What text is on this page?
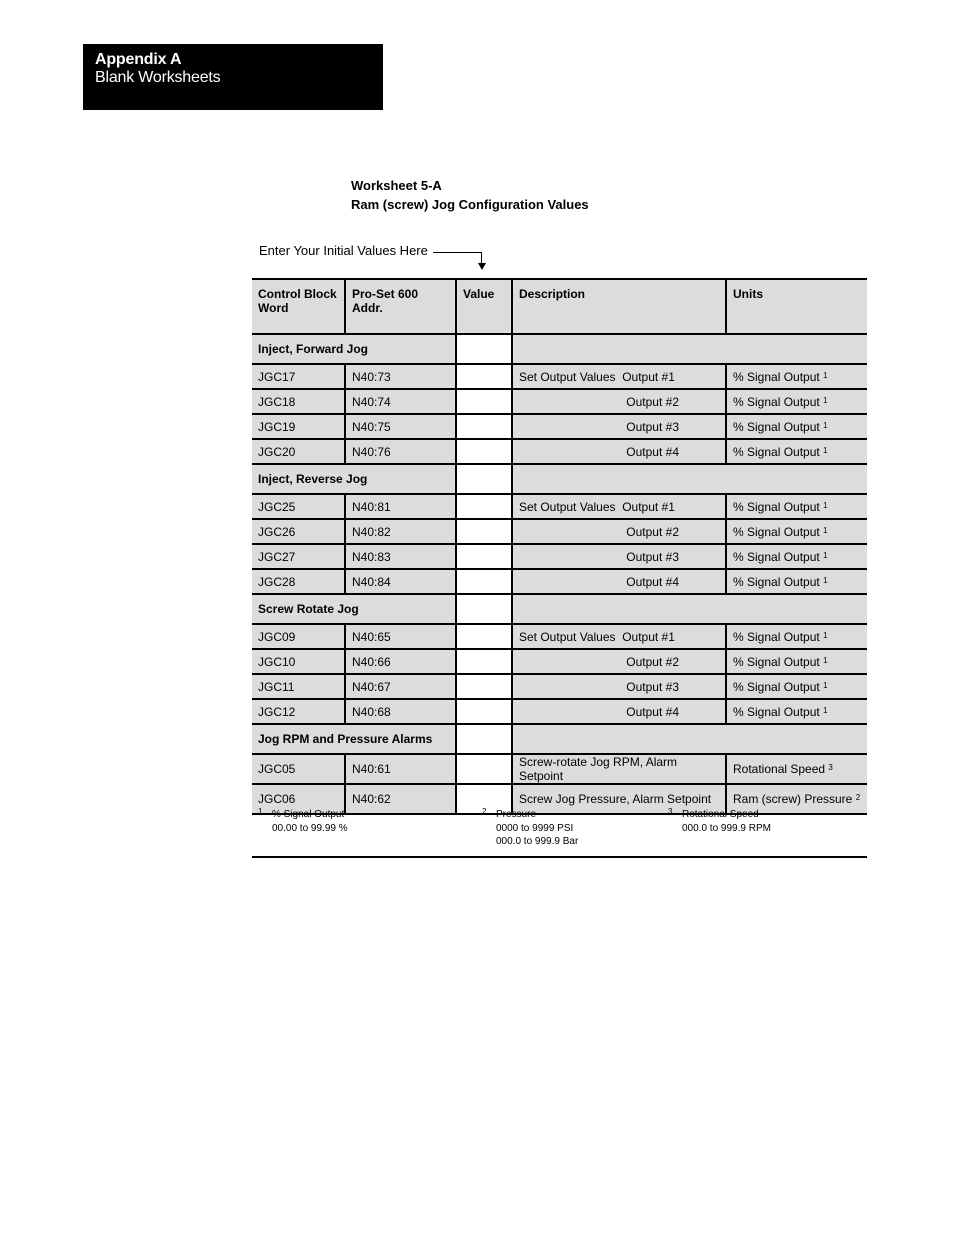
Appendix A
Blank Worksheets
Worksheet 5-A
Ram (screw) Jog Configuration Values
Enter Your Initial Values Here
Control Block Word	Pro-Set 600 Addr.	Value	Description	Units
Inject, Forward Jog				
JGC17	N40:73		Set Output Values Output #1	% Signal Output $^1$
JGC18	N40:74		Output #2	% Signal Output $^1$
JGC19	N40:75		Output #3	% Signal Output $^1$
JGC20	N40:76		Output #4	% Signal Output $^1$
Inject, Reverse Jog				
JGC25	N40:81		Set Output Values Output #1	% Signal Output $^1$
JGC26	N40:82		Output #2	% Signal Output $^1$
JGC27	N40:83		Output #3	% Signal Output $^1$
JGC28	N40:84		Output #4	% Signal Output $^1$
Screw Rotate Jog				
JGC09	N40:65		Set Output Values Output #1	% Signal Output $^1$
JGC10	N40:66		Output #2	% Signal Output $^1$
JGC11	N40:67		Output #3	% Signal Output $^1$
JGC12	N40:68		Output #4	% Signal Output $^1$
Jog RPM and Pressure Alarms				
JGC05	N40:61		Screw-rotate Jog RPM, Alarm Setpoint	Rotational Speed $^3$
JGC06	N40:62		Screw Jog Pressure, Alarm Setpoint	Ram (screw) Pressure $^2$
1 % Signal Output
00.00 to 99.99 %
2 Pressure
0000 to 9999 PSI
000.0 to 999.9 Bar
3 Rotational Speed
000.0 to 999.9 RPM
